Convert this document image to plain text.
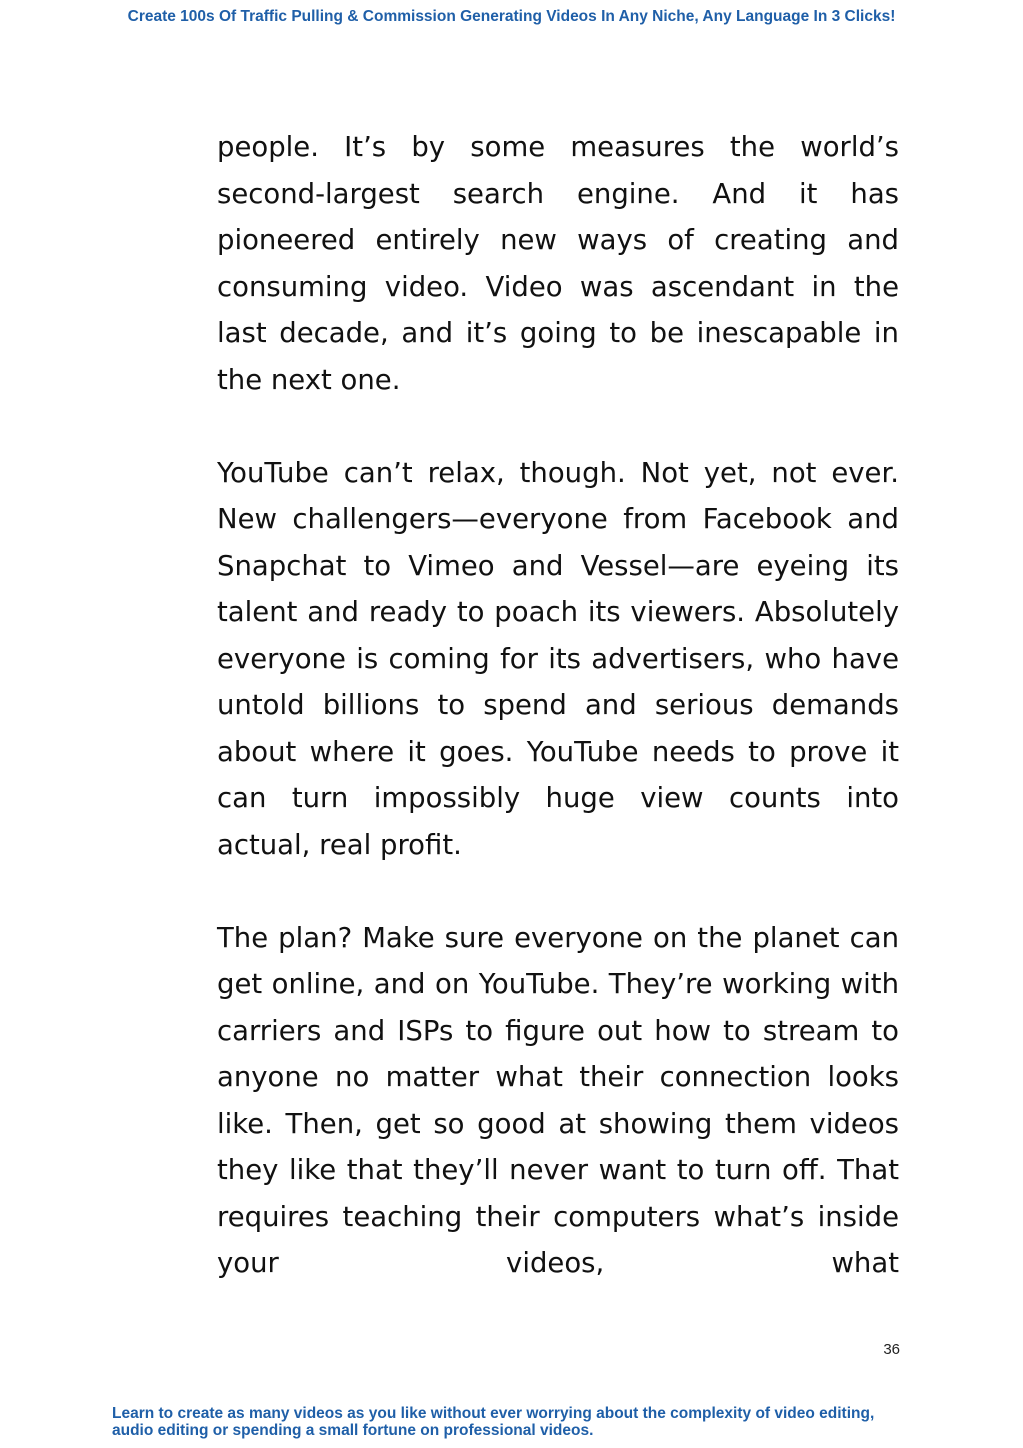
Create 100s Of Traffic Pulling & Commission Generating Videos In Any Niche, Any Language In 3 Clicks!

people. It’s by some measures the world’s second-largest search engine. And it has pioneered entirely new ways of creating and consuming video. Video was ascendant in the last decade, and it’s going to be inescapable in the next one.

YouTube can’t relax, though. Not yet, not ever. New challengers—everyone from Facebook and Snapchat to Vimeo and Vessel—are eyeing its talent and ready to poach its viewers. Absolutely everyone is coming for its advertisers, who have untold billions to spend and serious demands about where it goes. YouTube needs to prove it can turn impossibly huge view counts into actual, real profit.

The plan? Make sure everyone on the planet can get online, and on YouTube. They’re working with carriers and ISPs to figure out how to stream to anyone no matter what their connection looks like. Then, get so good at showing them videos they like that they’ll never want to turn off. That requires teaching their computers what’s inside your videos, what

36
Learn to create as many videos as you like without ever worrying about the complexity of video editing,
audio editing or spending a small fortune on professional videos.
